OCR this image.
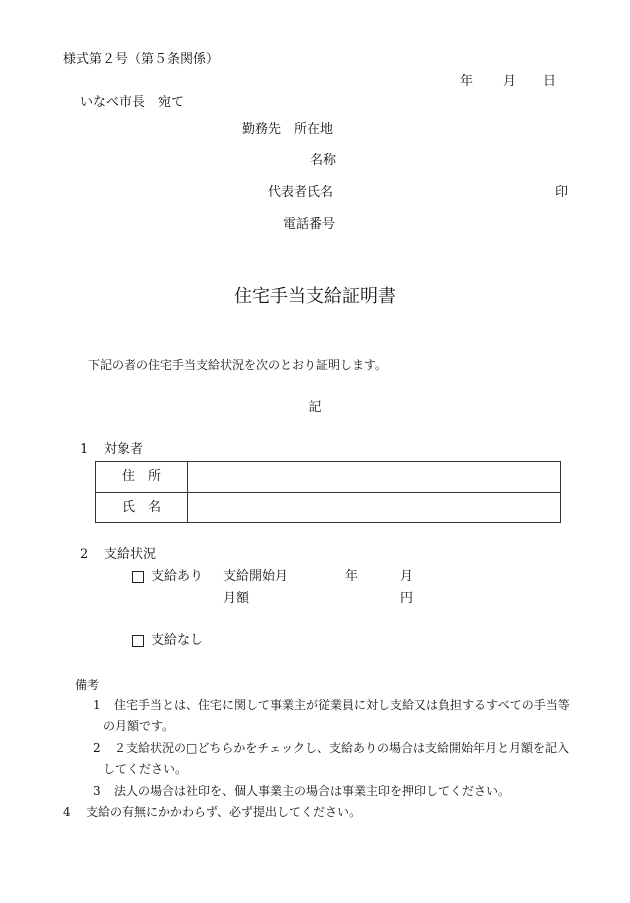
様式第２号（第５条関係）
年 月 日
いなべ市長　宛て
勤務先　所在地
名称
代表者氏名	印
電話番号
住宅手当支給証明書
下記の者の住宅手当支給状況を次のとおり証明します。
記
1 対象者
住　所
氏　名
2 支給状況
支給あり 支給開始月	年	月
月額	円
支給なし
備考
1 住宅手当とは、住宅に関して事業主が従業員に対し支給又は負担するすべての手当等
の月額です。
2 ２支給状況の□どちらかをチェックし、支給ありの場合は支給開始年月と月額を記入
してください。
3 法人の場合は社印を、個人事業主の場合は事業主印を押印してください。
4 支給の有無にかかわらず、必ず提出してください。
